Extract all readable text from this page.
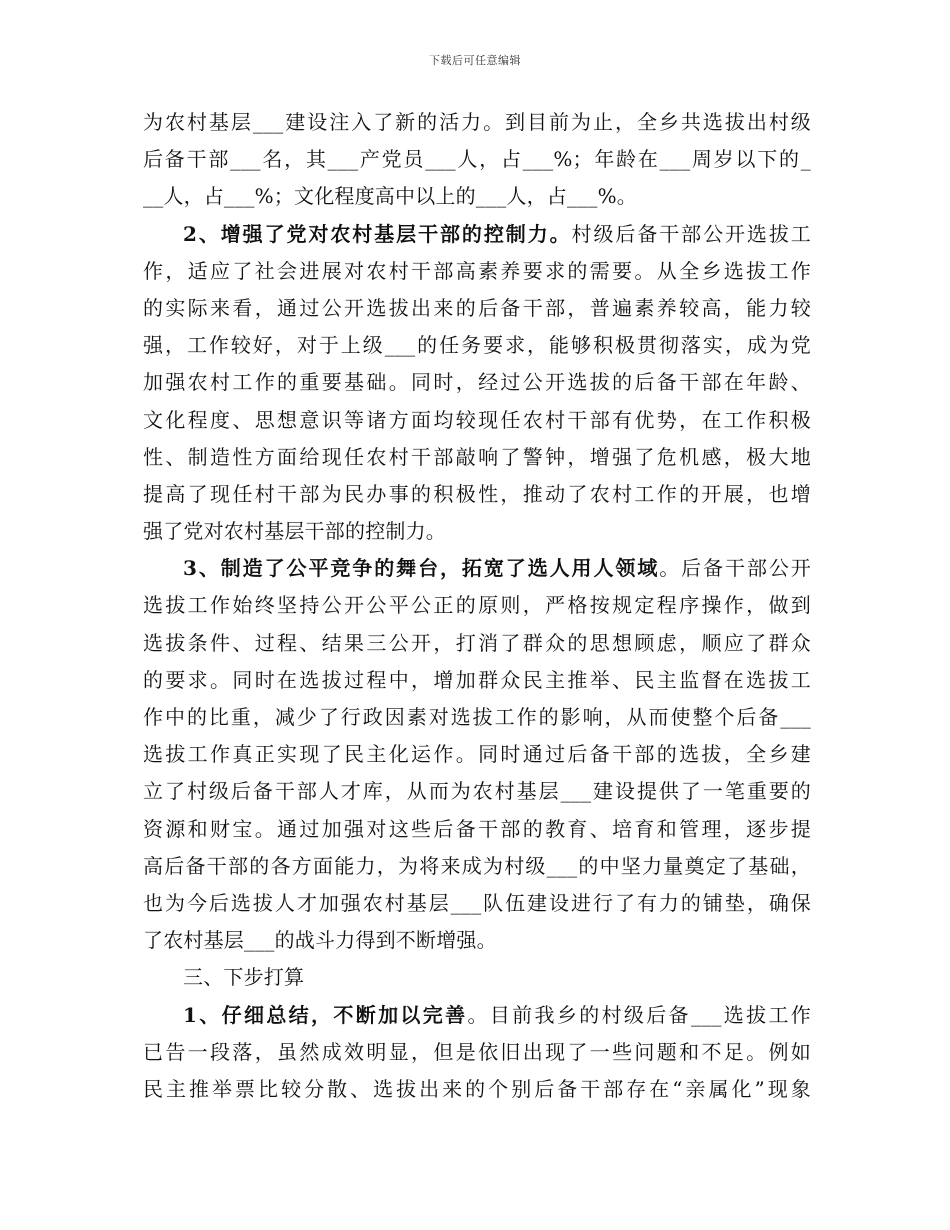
下载后可任意编辑
为农村基层___建设注入了新的活力。到目前为止，全乡共选拔出村级
后备干部___名，其___产党员___人，占___%；年龄在___周岁以下的_
__人，占___%；文化程度高中以上的___人，占___%。
2、增强了党对农村基层干部的控制力。村级后备干部公开选拔工
作，适应了社会进展对农村干部高素养要求的需要。从全乡选拔工作
的实际来看，通过公开选拔出来的后备干部，普遍素养较高，能力较
强，工作较好，对于上级___的任务要求，能够积极贯彻落实，成为党
加强农村工作的重要基础。同时，经过公开选拔的后备干部在年龄、
文化程度、思想意识等诸方面均较现任农村干部有优势，在工作积极
性、制造性方面给现任农村干部敲响了警钟，增强了危机感，极大地
提高了现任村干部为民办事的积极性，推动了农村工作的开展，也增
强了党对农村基层干部的控制力。
3、制造了公平竞争的舞台，拓宽了选人用人领域。后备干部公开
选拔工作始终坚持公开公平公正的原则，严格按规定程序操作，做到
选拔条件、过程、结果三公开，打消了群众的思想顾虑，顺应了群众
的要求。同时在选拔过程中，增加群众民主推举、民主监督在选拔工
作中的比重，减少了行政因素对选拔工作的影响，从而使整个后备___
选拔工作真正实现了民主化运作。同时通过后备干部的选拔，全乡建
立了村级后备干部人才库，从而为农村基层___建设提供了一笔重要的
资源和财宝。通过加强对这些后备干部的教育、培育和管理，逐步提
高后备干部的各方面能力，为将来成为村级___的中坚力量奠定了基础，
也为今后选拔人才加强农村基层___队伍建设进行了有力的铺垫，确保
了农村基层___的战斗力得到不断增强。
三、下步打算
1、仔细总结，不断加以完善。目前我乡的村级后备___选拔工作
已告一段落，虽然成效明显，但是依旧出现了一些问题和不足。例如
民主推举票比较分散、选拔出来的个别后备干部存在“亲属化”现象
